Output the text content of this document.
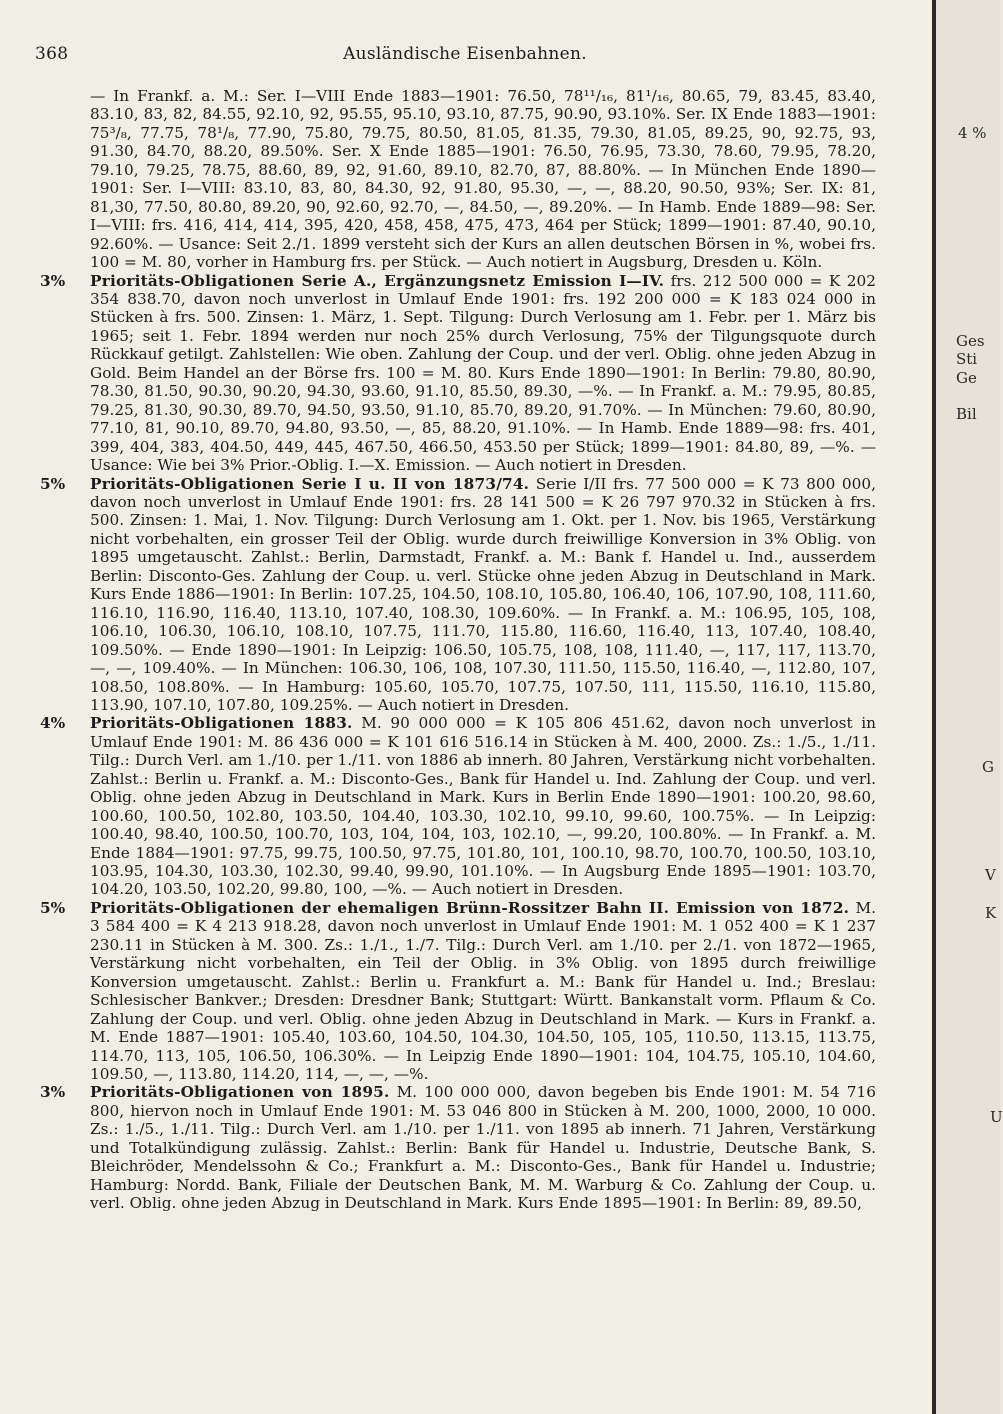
368	Ausländische Eisenbahnen.

— In Frankf. a. M.: Ser. I—VIII Ende 1883—1901: 76.50, 78¹¹/₁₆, 81¹/₁₆, 80.65, 79, 83.45, 83.40, 83.10, 83, 82, 84.55, 92.10, 92, 95.55, 95.10, 93.10, 87.75, 90.90, 93.10%. Ser. IX Ende 1883—1901: 75³/₈, 77.75, 78¹/₈, 77.90, 75.80, 79.75, 80.50, 81.05, 81.35, 79.30, 81.05, 89.25, 90, 92.75, 93, 91.30, 84.70, 88.20, 89.50%. Ser. X Ende 1885—1901: 76.50, 76.95, 73.30, 78.60, 79.95, 78.20, 79.10, 79.25, 78.75, 88.60, 89, 92, 91.60, 89.10, 82.70, 87, 88.80%. — In München Ende 1890—1901: Ser. I—VIII: 83.10, 83, 80, 84.30, 92, 91.80, 95.30, —, —, 88.20, 90.50, 93%; Ser. IX: 81, 81,30, 77.50, 80.80, 89.20, 90, 92.60, 92.70, —, 84.50, —, 89.20%. — In Hamb. Ende 1889—98: Ser. I—VIII: frs. 416, 414, 414, 395, 420, 458, 458, 475, 473, 464 per Stück; 1899—1901: 87.40, 90.10, 92.60%. — Usance: Seit 2./1. 1899 versteht sich der Kurs an allen deutschen Börsen in %, wobei frs. 100 = M. 80, vorher in Hamburg frs. per Stück. — Auch notiert in Augsburg, Dresden u. Köln.

3% Prioritäts-Obligationen Serie A., Ergänzungsnetz Emission I—IV. frs. 212 500 000 = K 202 354 838.70, davon noch unverlost in Umlauf Ende 1901: frs. 192 200 000 = K 183 024 000 in Stücken à frs. 500. Zinsen: 1. März, 1. Sept. Tilgung: Durch Verlosung am 1. Febr. per 1. März bis 1965; seit 1. Febr. 1894 werden nur noch 25% durch Verlosung, 75% der Tilgungsquote durch Rückkauf getilgt. Zahlstellen: Wie oben. Zahlung der Coup. und der verl. Oblig. ohne jeden Abzug in Gold. Beim Handel an der Börse frs. 100 = M. 80. Kurs Ende 1890—1901: In Berlin: 79.80, 80.90, 78.30, 81.50, 90.30, 90.20, 94.30, 93.60, 91.10, 85.50, 89.30, —%. — In Frankf. a. M.: 79.95, 80.85, 79.25, 81.30, 90.30, 89.70, 94.50, 93.50, 91.10, 85.70, 89.20, 91.70%. — In München: 79.60, 80.90, 77.10, 81, 90.10, 89.70, 94.80, 93.50, —, 85, 88.20, 91.10%. — In Hamb. Ende 1889—98: frs. 401, 399, 404, 383, 404.50, 449, 445, 467.50, 466.50, 453.50 per Stück; 1899—1901: 84.80, 89, —%. — Usance: Wie bei 3% Prior.-Oblig. I.—X. Emission. — Auch notiert in Dresden.

5% Prioritäts-Obligationen Serie I u. II von 1873/74. Serie I/II frs. 77 500 000 = K 73 800 000, davon noch unverlost in Umlauf Ende 1901: frs. 28 141 500 = K 26 797 970.32 in Stücken à frs. 500. Zinsen: 1. Mai, 1. Nov. Tilgung: Durch Verlosung am 1. Okt. per 1. Nov. bis 1965, Verstärkung nicht vorbehalten, ein grosser Teil der Oblig. wurde durch freiwillige Konversion in 3% Oblig. von 1895 umgetauscht. Zahlst.: Berlin, Darmstadt, Frankf. a. M.: Bank f. Handel u. Ind., ausserdem Berlin: Disconto-Ges. Zahlung der Coup. u. verl. Stücke ohne jeden Abzug in Deutschland in Mark. Kurs Ende 1886—1901: In Berlin: 107.25, 104.50, 108.10, 105.80, 106.40, 106, 107.90, 108, 111.60, 116.10, 116.90, 116.40, 113.10, 107.40, 108.30, 109.60%. — In Frankf. a. M.: 106.95, 105, 108, 106.10, 106.30, 106.10, 108.10, 107.75, 111.70, 115.80, 116.60, 116.40, 113, 107.40, 108.40, 109.50%. — Ende 1890—1901: In Leipzig: 106.50, 105.75, 108, 108, 111.40, —, 117, 117, 113.70, —, —, 109.40%. — In München: 106.30, 106, 108, 107.30, 111.50, 115.50, 116.40, —, 112.80, 107, 108.50, 108.80%. — In Hamburg: 105.60, 105.70, 107.75, 107.50, 111, 115.50, 116.10, 115.80, 113.90, 107.10, 107.80, 109.25%. — Auch notiert in Dresden.

4% Prioritäts-Obligationen 1883. M. 90 000 000 = K 105 806 451.62, davon noch unverlost in Umlauf Ende 1901: M. 86 436 000 = K 101 616 516.14 in Stücken à M. 400, 2000. Zs.: 1./5., 1./11. Tilg.: Durch Verl. am 1./10. per 1./11. von 1886 ab innerh. 80 Jahren, Verstärkung nicht vorbehalten. Zahlst.: Berlin u. Frankf. a. M.: Disconto-Ges., Bank für Handel u. Ind. Zahlung der Coup. und verl. Oblig. ohne jeden Abzug in Deutschland in Mark. Kurs in Berlin Ende 1890—1901: 100.20, 98.60, 100.60, 100.50, 102.80, 103.50, 104.40, 103.30, 102.10, 99.10, 99.60, 100.75%. — In Leipzig: 100.40, 98.40, 100.50, 100.70, 103, 104, 104, 103, 102.10, —, 99.20, 100.80%. — In Frankf. a. M. Ende 1884—1901: 97.75, 99.75, 100.50, 97.75, 101.80, 101, 100.10, 98.70, 100.70, 100.50, 103.10, 103.95, 104.30, 103.30, 102.30, 99.40, 99.90, 101.10%. — In Augsburg Ende 1895—1901: 103.70, 104.20, 103.50, 102.20, 99.80, 100, —%. — Auch notiert in Dresden.

5% Prioritäts-Obligationen der ehemaligen Brünn-Rossitzer Bahn II. Emission von 1872. M. 3 584 400 = K 4 213 918.28, davon noch unverlost in Umlauf Ende 1901: M. 1 052 400 = K 1 237 230.11 in Stücken à M. 300. Zs.: 1./1., 1./7. Tilg.: Durch Verl. am 1./10. per 2./1. von 1872—1965, Verstärkung nicht vorbehalten, ein Teil der Oblig. in 3% Oblig. von 1895 durch freiwillige Konversion umgetauscht. Zahlst.: Berlin u. Frankfurt a. M.: Bank für Handel u. Ind.; Breslau: Schlesischer Bankver.; Dresden: Dresdner Bank; Stuttgart: Württ. Bankanstalt vorm. Pflaum & Co. Zahlung der Coup. und verl. Oblig. ohne jeden Abzug in Deutschland in Mark. — Kurs in Frankf. a. M. Ende 1887—1901: 105.40, 103.60, 104.50, 104.30, 104.50, 105, 105, 110.50, 113.15, 113.75, 114.70, 113, 105, 106.50, 106.30%. — In Leipzig Ende 1890—1901: 104, 104.75, 105.10, 104.60, 109.50, —, 113.80, 114.20, 114, —, —, —%.

3% Prioritäts-Obligationen von 1895. M. 100 000 000, davon begeben bis Ende 1901: M. 54 716 800, hiervon noch in Umlauf Ende 1901: M. 53 046 800 in Stücken à M. 200, 1000, 2000, 10 000. Zs.: 1./5., 1./11. Tilg.: Durch Verl. am 1./10. per 1./11. von 1895 ab innerh. 71 Jahren, Verstärkung und Totalkündigung zulässig. Zahlst.: Berlin: Bank für Handel u. Industrie, Deutsche Bank, S. Bleichröder, Mendelssohn & Co.; Frankfurt a. M.: Disconto-Ges., Bank für Handel u. Industrie; Hamburg: Nordd. Bank, Filiale der Deutschen Bank, M. M. Warburg & Co. Zahlung der Coup. u. verl. Oblig. ohne jeden Abzug in Deutschland in Mark. Kurs Ende 1895—1901: In Berlin: 89, 89.50,

4 %
Ges
Sti
Ge
Bil
G
V
K
U
